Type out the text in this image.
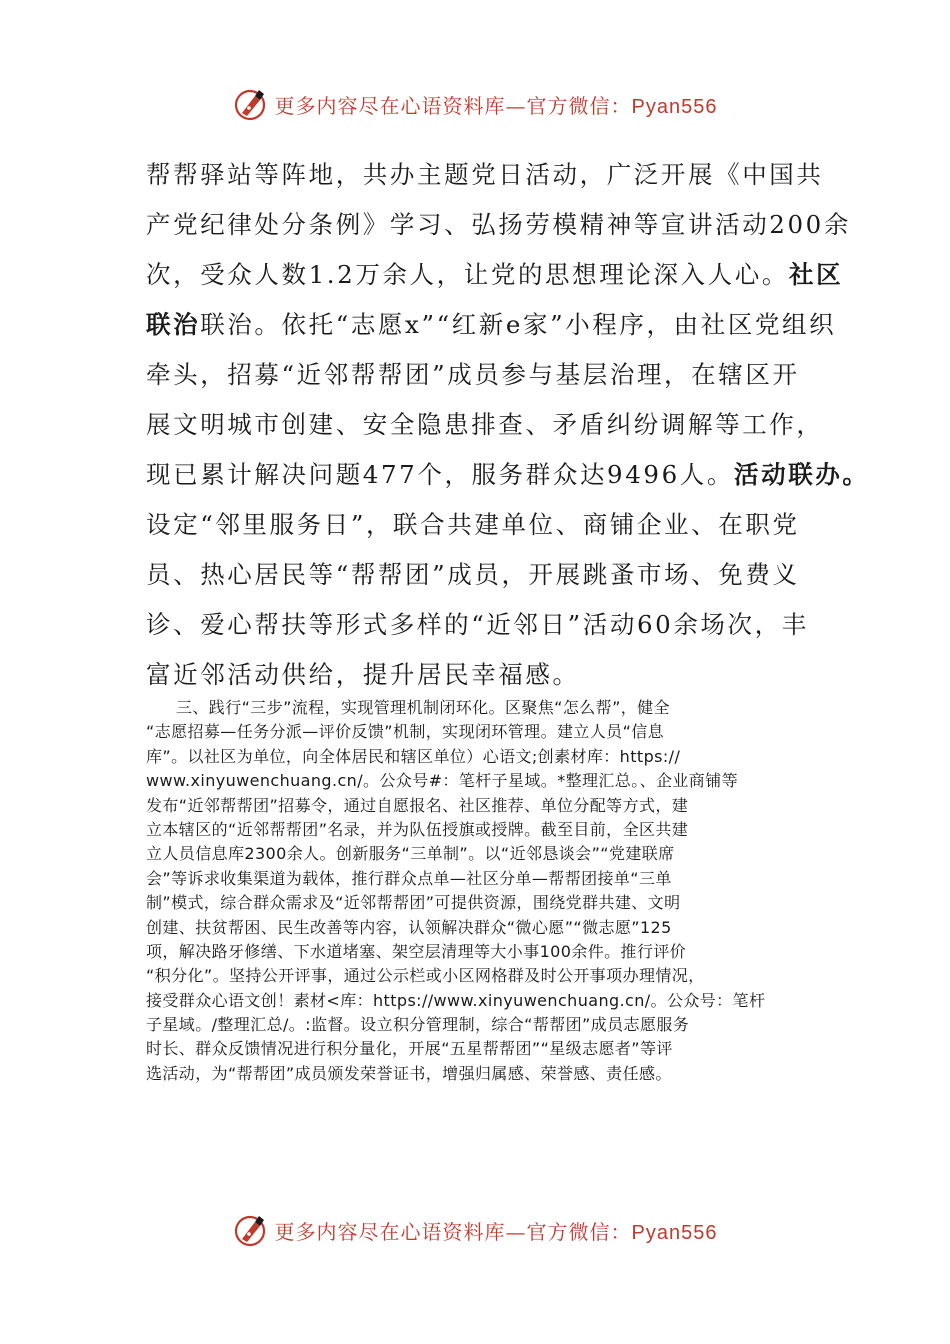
更多内容尽在心语资料库—官方微信：Pyan556
帮帮驿站等阵地，共办主题党日活动，广泛开展《中国共
产党纪律处分条例》学习、弘扬劳模精神等宣讲活动200余
次，受众人数1.2万余人，让党的思想理论深入人心。社区
联治联治。依托“志愿x”“红新e家”小程序，由社区党组织
牵头，招募“近邻帮帮团”成员参与基层治理，在辖区开
展文明城市创建、安全隐患排查、矛盾纠纷调解等工作，
现已累计解决问题477个，服务群众达9496人。活动联办。
设定“邻里服务日”，联合共建单位、商铺企业、在职党
员、热心居民等“帮帮团”成员，开展跳蚤市场、免费义
诊、爱心帮扶等形式多样的“近邻日”活动60余场次，丰
富近邻活动供给，提升居民幸福感。
三、践行“三步”流程，实现管理机制闭环化。区聚焦“怎么帮”，健全
“志愿招募—任务分派—评价反馈”机制，实现闭环管理。建立人员“信息
库”。以社区为单位，向全体居民和辖区单位）心语文;创素材库：https://
www.xinyuwenchuang.cn/。公众号#：笔杆子星域。*整理汇总。、企业商铺等
发布“近邻帮帮团”招募令，通过自愿报名、社区推荐、单位分配等方式，建
立本辖区的“近邻帮帮团”名录，并为队伍授旗或授牌。截至目前，全区共建
立人员信息库2300余人。创新服务“三单制”。以“近邻恳谈会”“党建联席
会”等诉求收集渠道为载体，推行群众点单—社区分单—帮帮团接单“三单
制”模式，综合群众需求及“近邻帮帮团”可提供资源，围绕党群共建、文明
创建、扶贫帮困、民生改善等内容，认领解决群众“微心愿”“微志愿”125
项，解决路牙修缮、下水道堵塞、架空层清理等大小事100余件。推行评价
“积分化”。坚持公开评事，通过公示栏或小区网格群及时公开事项办理情况，
接受群众心语文创！素材<库：https://www.xinyuwenchuang.cn/。公众号：笔杆
子星域。/整理汇总/。:监督。设立积分管理制，综合“帮帮团”成员志愿服务
时长、群众反馈情况进行积分量化，开展“五星帮帮团”“星级志愿者”等评
选活动，为“帮帮团”成员颁发荣誉证书，增强归属感、荣誉感、责任感。
更多内容尽在心语资料库—官方微信：Pyan556
